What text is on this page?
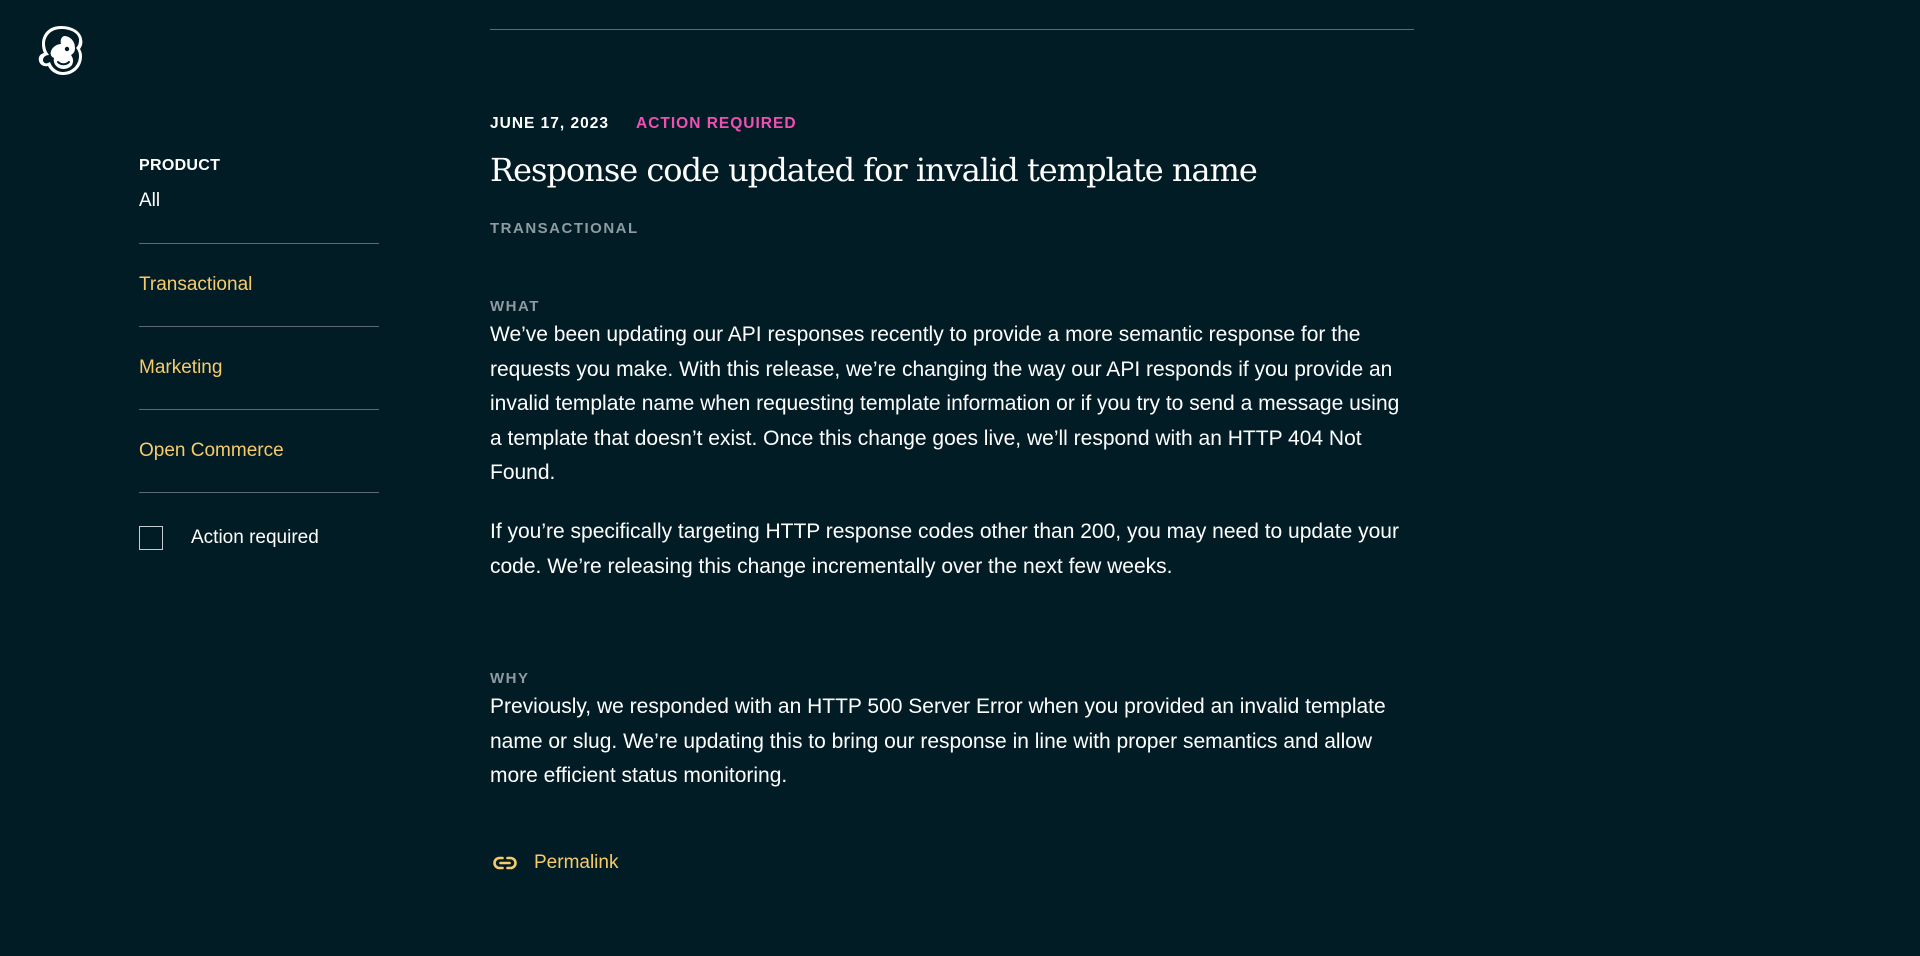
PRODUCT
All
Transactional
Marketing
Open Commerce
Action required
JUNE 17, 2023 ACTION REQUIRED
Response code updated for invalid template name
TRANSACTIONAL
WHAT

We’ve been updating our API responses recently to provide a more semantic response for the requests you make. With this release, we’re changing the way our API responds if you provide an invalid template name when requesting template information or if you try to send a message using a template that doesn’t exist. Once this change goes live, we’ll respond with an HTTP 404 Not Found.

If you’re specifically targeting HTTP response codes other than 200, you may need to update your code. We’re releasing this change incrementally over the next few weeks.

WHY

Previously, we responded with an HTTP 500 Server Error when you provided an invalid template name or slug. We’re updating this to bring our response in line with proper semantics and allow more efficient status monitoring.

Permalink
